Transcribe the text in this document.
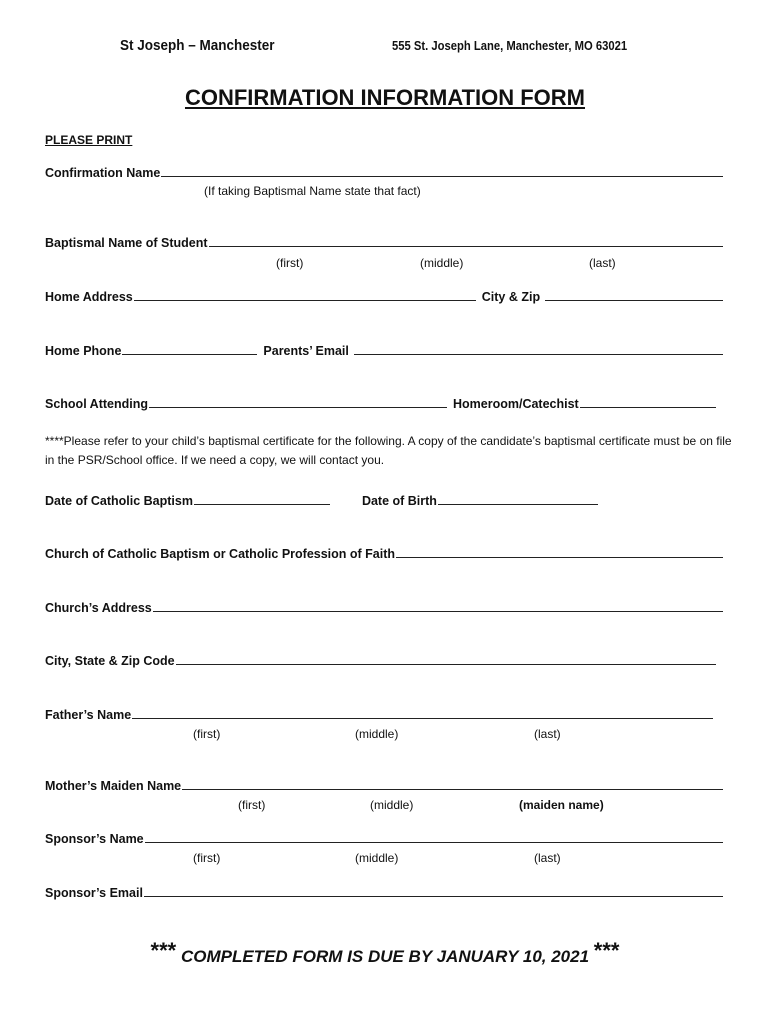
St Joseph – Manchester	555 St. Joseph Lane, Manchester, MO 63021
CONFIRMATION INFORMATION FORM
PLEASE PRINT
Confirmation Name
(If taking Baptismal Name state that fact)
Baptismal Name of Student
(first)	(middle)	(last)
Home Address	City & Zip
Home Phone	Parents’ Email
School Attending	Homeroom/Catechist
****Please refer to your child’s baptismal certificate for the following. A copy of the candidate’s baptismal certificate must be on file in the PSR/School office. If we need a copy, we will contact you.
Date of Catholic Baptism	Date of Birth
Church of Catholic Baptism or Catholic Profession of Faith
Church’s Address
City, State & Zip Code
Father’s Name
(first)	(middle)	(last)
Mother’s Maiden Name
(first)	(middle)	(maiden name)
Sponsor’s Name
(first)	(middle)	(last)
Sponsor’s Email
*** COMPLETED FORM IS DUE BY JANUARY 10, 2021 ***
